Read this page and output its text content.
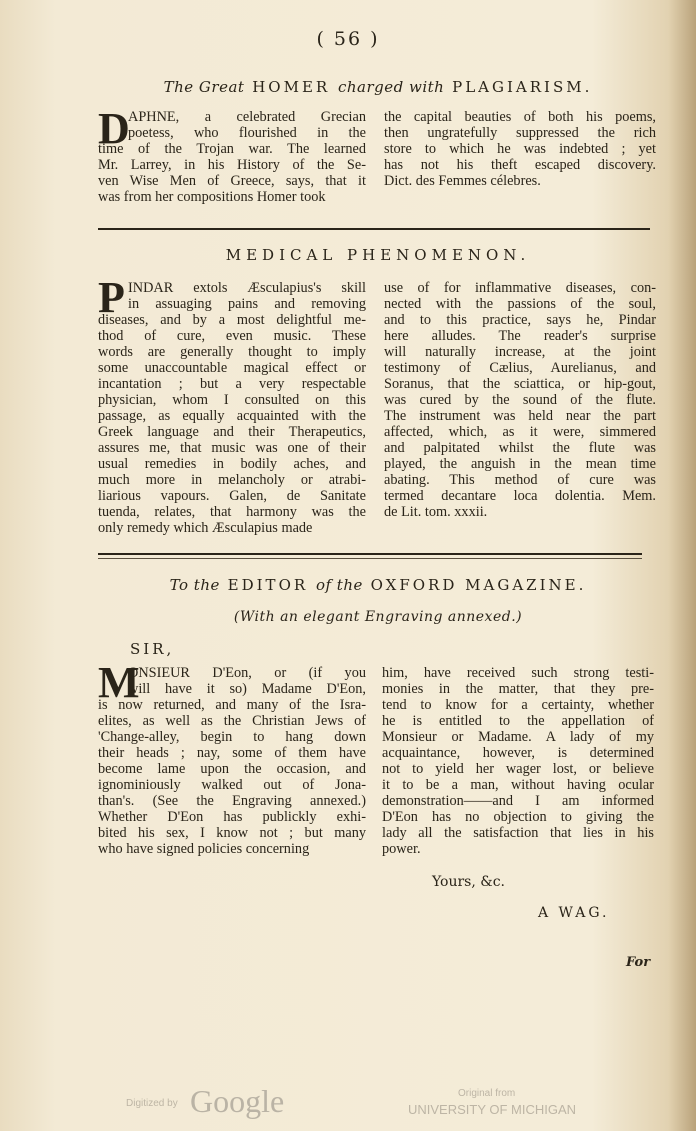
( 56 )
The Great HOMER charged with PLAGIARISM.
D
APHNE, a celebrated Grecian
poetess, who flourished in the
time of the Trojan war. The learned
Mr. Larrey, in his History of the Se-
ven Wise Men of Greece, says, that it
was from her compositions Homer took
the capital beauties of both his poems,
then ungratefully suppressed the rich
store to which he was indebted ; yet
has not his theft escaped discovery.
Dict. des Femmes célebres.
MEDICAL PHENOMENON.
P INDAR extols Æsculapius's skill
in assuaging pains and removing
diseases, and by a most delightful me-
thod of cure, even music. These
words are generally thought to imply
some unaccountable magical effect or
incantation ; but a very respectable
physician, whom I consulted on this
passage, as equally acquainted with the
Greek language and their Therapeutics,
assures me, that music was one of their
usual remedies in bodily aches, and
much more in melancholy or atrabi-
liarious vapours. Galen, de Sanitate
tuenda, relates, that harmony was the
only remedy which Æsculapius made
use of for inflammative diseases, con-
nected with the passions of the soul,
and to this practice, says he, Pindar
here alludes. The reader's surprise
will naturally increase, at the joint
testimony of Cælius, Aurelianus, and
Soranus, that the sciattica, or hip-gout,
was cured by the sound of the flute.
The instrument was held near the part
affected, which, as it were, simmered
and palpitated whilst the flute was
played, the anguish in the mean time
abating. This method of cure was
termed decantare loca dolentia. Mem.
de Lit. tom. xxxii.
To the EDITOR of the OXFORD MAGAZINE.
(With an elegant Engraving annexed.)
SIR,
M
ONSIEUR D'Eon, or (if you
will have it so) Madame D'Eon,
is now returned, and many of the Isra-
elites, as well as the Christian Jews of
'Change-alley, begin to hang down
their heads ; nay, some of them have
become lame upon the occasion, and
ignominiously walked out of Jona-
than's. (See the Engraving annexed.)
Whether D'Eon has publickly exhi-
bited his sex, I know not ; but many
who have signed policies concerning
him, have received such strong testi-
monies in the matter, that they pre-
tend to know for a certainty, whether
he is entitled to the appellation of
Monsieur or Madame. A lady of my
acquaintance, however, is determined
not to yield her wager lost, or believe
it to be a man, without having ocular
demonstration——and I am informed
D'Eon has no objection to giving the
lady all the satisfaction that lies in his
power.
Yours, &c.
A WAG.
For
Digitized by Google	Original from
UNIVERSITY OF MICHIGAN
